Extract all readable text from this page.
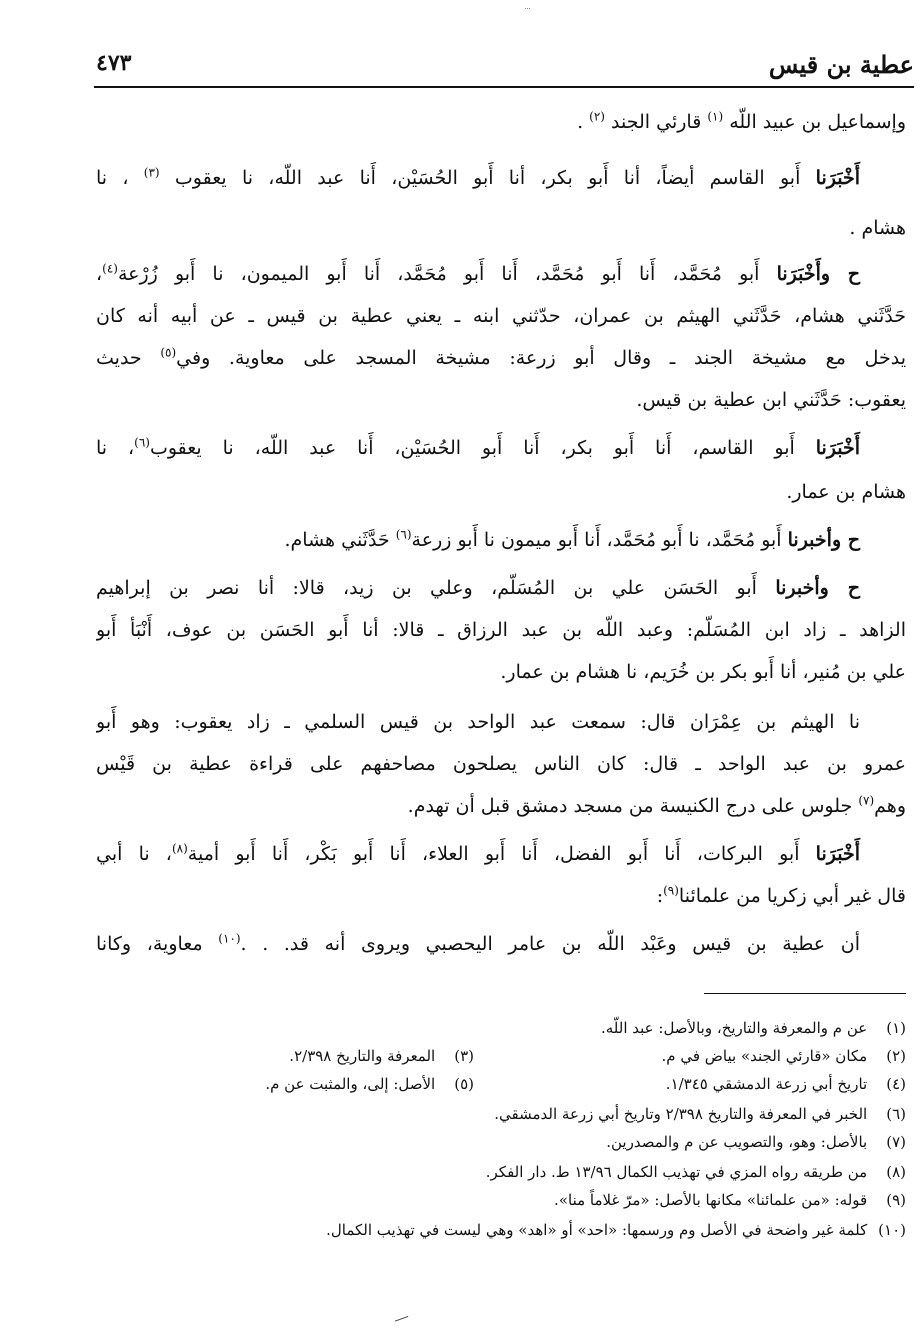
عطية بن قيس
٤٧٣
وإسماعيل بن عبيد اللّه $^{(١)}$ قارئي الجند $^{(٢)}$ .
أَخْبَرَنا أَبو القاسم أيضاً، أنا أَبو بكر، أنا أَبو الحُسَيْن، أَنا عبد اللّه، نا يعقوب $^{(٣)}$ ، نا
هشام .
ح وأَخْبَرَنا أَبو مُحَمَّد، أَنا أَبو مُحَمَّد، أَنا أَبو مُحَمَّد، أَنا أَبو الميمون، نا أَبو زُرْعة$^{(٤)}$،
حَدَّثَني هشام، حَدَّثَني الهيثم بن عمران، حدّثني ابنه ـ يعني عطية بن قيس ـ عن أبيه أنه كان
يدخل مع مشيخة الجند ـ وقال أبو زرعة: مشيخة المسجد على معاوية. وفي$^{(٥)}$ حديث
يعقوب: حَدَّثَني ابن عطية بن قيس.
أَخْبَرَنا أَبو القاسم، أَنا أَبو بكر، أَنا أَبو الحُسَيْن، أَنا عبد اللّه، نا يعقوب$^{(٦)}$، نا
هشام بن عمار.
ح وأخبرنا أَبو مُحَمَّد، نا أَبو مُحَمَّد، أَنا أَبو ميمون نا أَبو زرعة$^{(٦)}$ حَدَّثَني هشام.
ح وأخبرنا أَبو الحَسَن علي بن المُسَلّم، وعلي بن زيد، قالا: أنا نصر بن إبراهيم
الزاهد ـ زاد ابن المُسَلّم: وعبد اللّه بن عبد الرزاق ـ قالا: أنا أَبو الحَسَن بن عوف، أَنْبَأ أَبو
علي بن مُنير، أنا أَبو بكر بن خُرَيم، نا هشام بن عمار.
نا الهيثم بن عِمْرَان قال: سمعت عبد الواحد بن قيس السلمي ـ زاد يعقوب: وهو أَبو
عمرو بن عبد الواحد ـ قال: كان الناس يصلحون مصاحفهم على قراءة عطية بن قَيْس
وهم$^{(٧)}$ جلوس على درج الكنيسة من مسجد دمشق قبل أن تهدم.
أَخْبَرَنا أَبو البركات، أَنا أَبو الفضل، أَنا أَبو العلاء، أَنا أَبو بَكْر، أَنا أَبو أمية$^{(٨)}$، نا أبي
قال غير أبي زكريا من علمائنا$^{(٩)}$:
أن عطية بن قيس وعَبْد اللّه بن عامر اليحصبي ويروى أنه قد. . .$^{(١٠)}$ معاوية، وكانا
(١) عن م والمعرفة والتاريخ، وبالأصل: عبد اللّه.
(٢) مكان «قارئي الجند» بياض في م.
(٣) المعرفة والتاريخ ٢/٣٩٨.
(٤) تاريخ أبي زرعة الدمشقي ١/٣٤٥.
(٥) الأصل: إلى، والمثبت عن م.
(٦) الخبر في المعرفة والتاريخ ٢/٣٩٨ وتاريخ أبي زرعة الدمشقي.
(٧) بالأصل: وهو، والتصويب عن م والمصدرين.
(٨) من طريقه رواه المزي في تهذيب الكمال ١٣/٩٦ ط. دار الفكر.
(٩) قوله: «من علمائنا» مكانها بالأصل: «مرّ غلاماً منا».
(١٠) كلمة غير واضحة في الأصل وم ورسمها: «احد» أو «اهد» وهي ليست في تهذيب الكمال.
